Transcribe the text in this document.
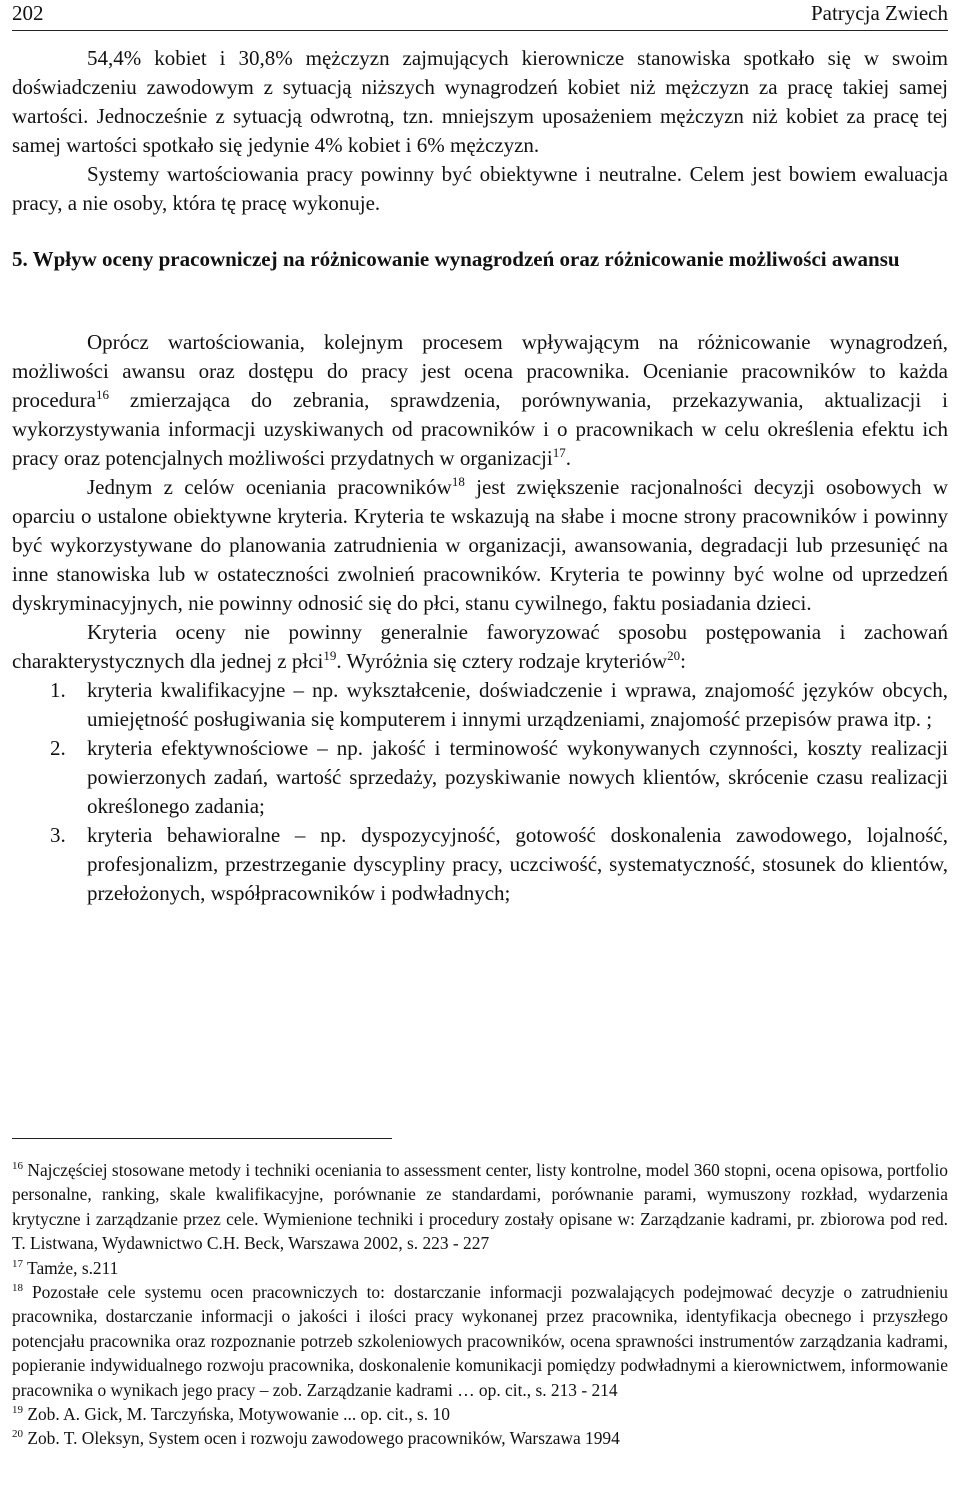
202	Patrycja Zwiech

54,4% kobiet i 30,8% mężczyzn zajmujących kierownicze stanowiska spotkało się w swoim doświadczeniu zawodowym z sytuacją niższych wynagrodzeń kobiet niż mężczyzn za pracę takiej samej wartości. Jednocześnie z sytuacją odwrotną, tzn. mniejszym uposażeniem mężczyzn niż kobiet za pracę tej samej wartości spotkało się jedynie 4% kobiet i 6% mężczyzn.

Systemy wartościowania pracy powinny być obiektywne i neutralne. Celem jest bowiem ewaluacja pracy, a nie osoby, która tę pracę wykonuje.

5. Wpływ oceny pracowniczej na różnicowanie wynagrodzeń oraz różnicowanie możliwości awansu

Oprócz wartościowania, kolejnym procesem wpływającym na różnicowanie wynagrodzeń, możliwości awansu oraz dostępu do pracy jest ocena pracownika. Ocenianie pracowników to każda procedura$^{16}$ zmierzająca do zebrania, sprawdzenia, porównywania, przekazywania, aktualizacji i wykorzystywania informacji uzyskiwanych od pracowników i o pracownikach w celu określenia efektu ich pracy oraz potencjalnych możliwości przydatnych w organizacji$^{17}$.

Jednym z celów oceniania pracowników$^{18}$ jest zwiększenie racjonalności decyzji osobowych w oparciu o ustalone obiektywne kryteria. Kryteria te wskazują na słabe i mocne strony pracowników i powinny być wykorzystywane do planowania zatrudnienia w organizacji, awansowania, degradacji lub przesunięć na inne stanowiska lub w ostateczności zwolnień pracowników. Kryteria te powinny być wolne od uprzedzeń dyskryminacyjnych, nie powinny odnosić się do płci, stanu cywilnego, faktu posiadania dzieci.

Kryteria oceny nie powinny generalnie faworyzować sposobu postępowania i zachowań charakterystycznych dla jednej z płci$^{19}$. Wyróżnia się cztery rodzaje kryteriów$^{20}$:

1. kryteria kwalifikacyjne – np. wykształcenie, doświadczenie i wprawa, znajomość języków obcych, umiejętność posługiwania się komputerem i innymi urządzeniami, znajomość przepisów prawa itp. ;
2. kryteria efektywnościowe – np. jakość i terminowość wykonywanych czynności, koszty realizacji powierzonych zadań, wartość sprzedaży, pozyskiwanie nowych klientów, skrócenie czasu realizacji określonego zadania;
3. kryteria behawioralne – np. dyspozycyjność, gotowość doskonalenia zawodowego, lojalność, profesjonalizm, przestrzeganie dyscypliny pracy, uczciwość, systematyczność, stosunek do klientów, przełożonych, współpracowników i podwładnych;

$^{16}$ Najczęściej stosowane metody i techniki oceniania to assessment center, listy kontrolne, model 360 stopni, ocena opisowa, portfolio personalne, ranking, skale kwalifikacyjne, porównanie ze standardami, porównanie parami, wymuszony rozkład, wydarzenia krytyczne i zarządzanie przez cele. Wymienione techniki i procedury zostały opisane w: Zarządzanie kadrami, pr. zbiorowa pod red. T. Listwana, Wydawnictwo C.H. Beck, Warszawa 2002, s. 223 - 227

$^{17}$ Tamże, s.211

$^{18}$ Pozostałe cele systemu ocen pracowniczych to: dostarczanie informacji pozwalających podejmować decyzje o zatrudnieniu pracownika, dostarczanie informacji o jakości i ilości pracy wykonanej przez pracownika, identyfikacja obecnego i przyszłego potencjału pracownika oraz rozpoznanie potrzeb szkoleniowych pracowników, ocena sprawności instrumentów zarządzania kadrami, popieranie indywidualnego rozwoju pracownika, doskonalenie komunikacji pomiędzy podwładnymi a kierownictwem, informowanie pracownika o wynikach jego pracy – zob. Zarządzanie kadrami … op. cit., s. 213 - 214

$^{19}$ Zob. A. Gick, M. Tarczyńska, Motywowanie ... op. cit., s. 10

$^{20}$ Zob. T. Oleksyn, System ocen i rozwoju zawodowego pracowników, Warszawa 1994
